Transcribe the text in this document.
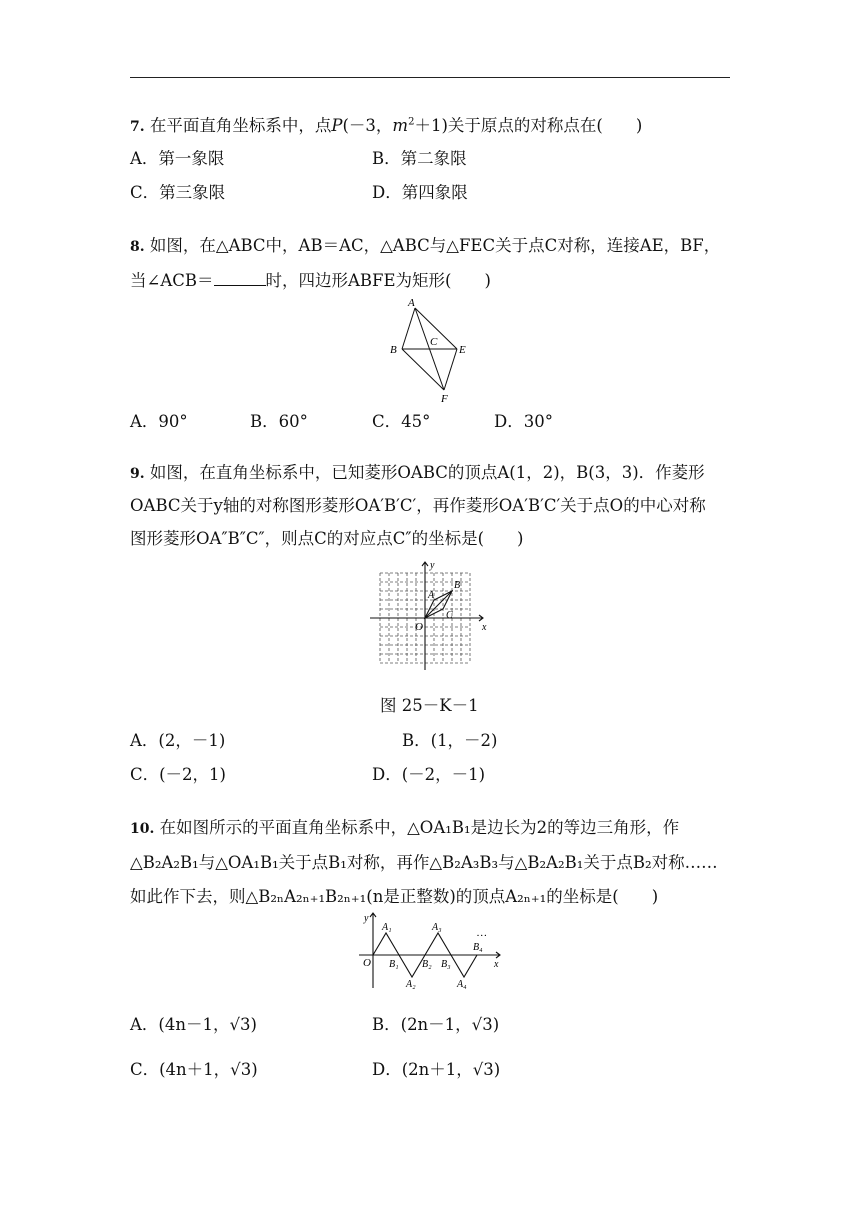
7. 在平面直角坐标系中，点P(－3，$m^2+1$)关于原点的对称点在(　　)
A．第一象限	B．第二象限
C．第三象限	D．第四象限
8. 如图，在△ABC中，AB＝AC，△ABC与△FEC关于点C对称，连接AE，BF，
当∠ACB＝	时，四边形ABFE为矩形(　　)
A
B
C
E
F
A．90°	B．60°	C．45°	D．30°
9. 如图，在直角坐标系中，已知菱形OABC的顶点A(1，2)，B(3，3)．作菱形
OABC关于y轴的对称图形菱形OA′B′C′，再作菱形OA′B′C′关于点O的中心对称
图形菱形OA″B″C″，则点C的对应点C″的坐标是(　　)
y
x
O
A
B
C
图 25－K－1
A．(2，－1)	B．(1，－2)
C．(－2，1)	D．(－2，－1)
10. 在如图所示的平面直角坐标系中，△OA₁B₁是边长为2的等边三角形，作
△B₂A₂B₁与△OA₁B₁关于点B₁对称，再作△B₂A₃B₃与△B₂A₂B₁关于点B₂对称……
如此作下去，则△B₂ₙA₂ₙ₊₁B₂ₙ₊₁(n是正整数)的顶点A₂ₙ₊₁的坐标是(　　)
y
x
O
A₁
A₂
A₃
A₄
B₁ B₂ B₃
B₄
…
A．(4n－1，√3)	B．(2n－1，√3)
C．(4n＋1，√3)	D．(2n＋1，√3)
